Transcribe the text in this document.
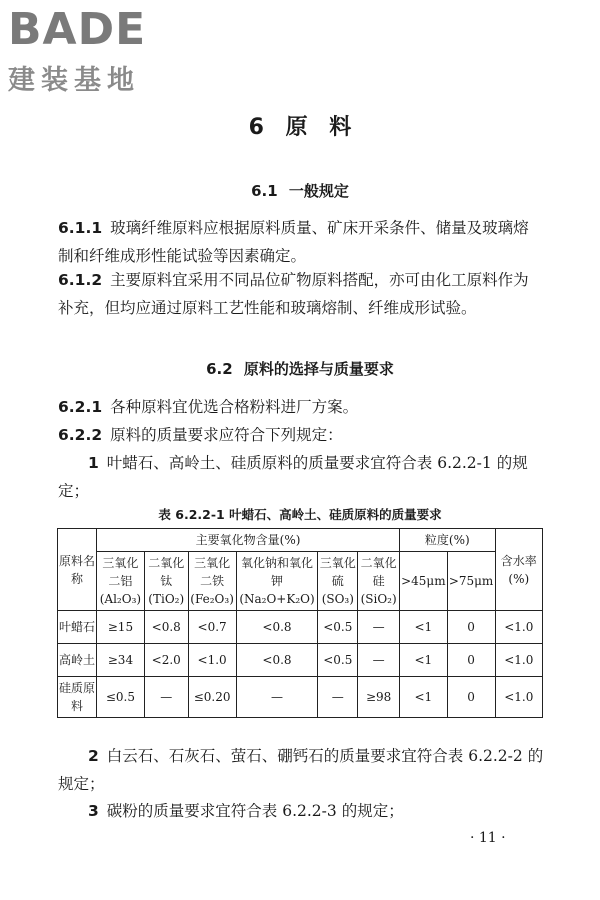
BADE
建装基地
6 原 料
6.1 一般规定
6.1.1 玻璃纤维原料应根据原料质量、矿床开采条件、储量及玻璃熔制和纤维成形性能试验等因素确定。
6.1.2 主要原料宜采用不同品位矿物原料搭配，亦可由化工原料作为补充，但均应通过原料工艺性能和玻璃熔制、纤维成形试验。
6.2 原料的选择与质量要求
6.2.1 各种原料宜优选合格粉料进厂方案。
6.2.2 原料的质量要求应符合下列规定：
1 叶蜡石、高岭土、硅质原料的质量要求宜符合表 6.2.2-1 的规定；
表 6.2.2-1 叶蜡石、高岭土、硅质原料的质量要求
原料名称	主要氧化物含量(%)						粒度(%)		含水率(%)
	三氧化二铝(Al₂O₃)	二氧化钛(TiO₂)	三氧化二铁(Fe₂O₃)	氧化钠和氧化钾(Na₂O+K₂O)	三氧化硫(SO₃)	二氧化硅(SiO₂)	>45μm	>75μm	
叶蜡石	≥15	<0.8	<0.7	<0.8	<0.5	—	<1	0	<1.0
高岭土	≥34	<2.0	<1.0	<0.8	<0.5	—	<1	0	<1.0
硅质原料	≤0.5	—	≤0.20	—	—	≥98	<1	0	<1.0
2 白云石、石灰石、萤石、硼钙石的质量要求宜符合表 6.2.2-2 的规定；
3 碳粉的质量要求宜符合表 6.2.2-3 的规定；
· 11 ·
